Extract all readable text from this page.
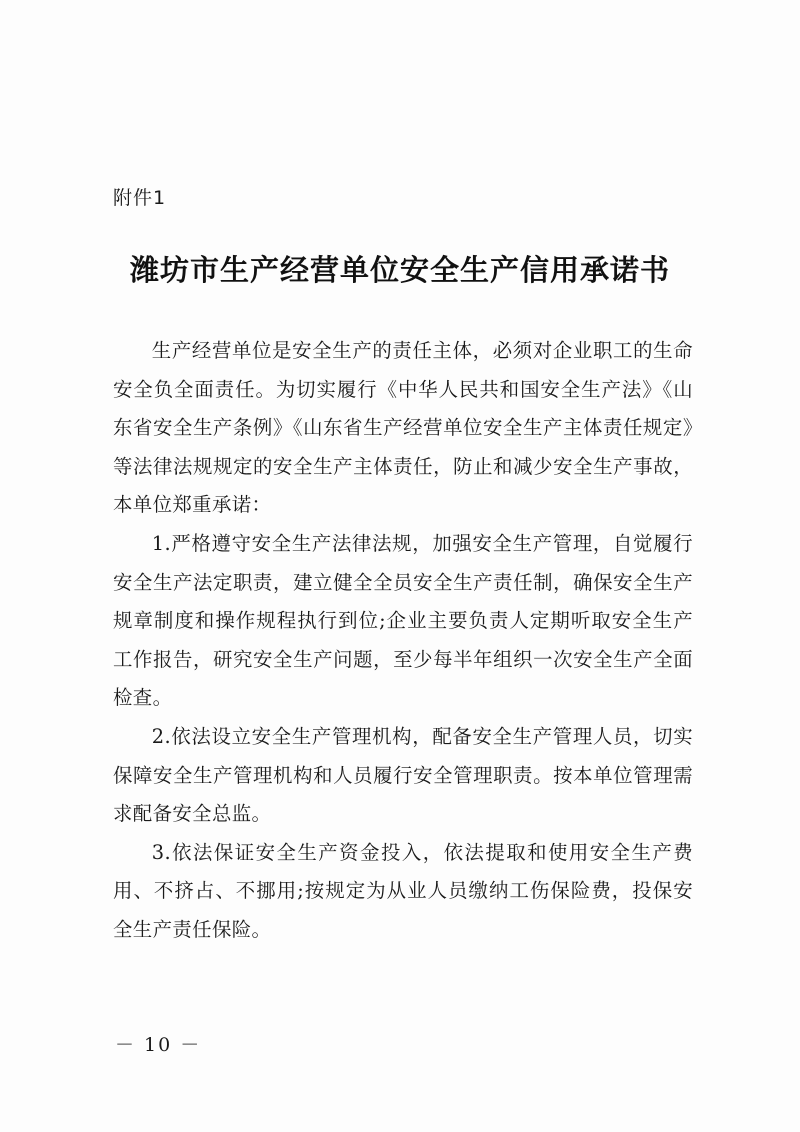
附件1
潍坊市生产经营单位安全生产信用承诺书

生产经营单位是安全生产的责任主体，必须对企业职工的生命安全负全面责任。为切实履行《中华人民共和国安全生产法》《山东省安全生产条例》《山东省生产经营单位安全生产主体责任规定》等法律法规规定的安全生产主体责任，防止和减少安全生产事故，本单位郑重承诺：

1.严格遵守安全生产法律法规，加强安全生产管理，自觉履行安全生产法定职责，建立健全全员安全生产责任制，确保安全生产规章制度和操作规程执行到位;企业主要负责人定期听取安全生产工作报告，研究安全生产问题，至少每半年组织一次安全生产全面检查。

2.依法设立安全生产管理机构，配备安全生产管理人员，切实保障安全生产管理机构和人员履行安全管理职责。按本单位管理需求配备安全总监。

3.依法保证安全生产资金投入，依法提取和使用安全生产费用、不挤占、不挪用;按规定为从业人员缴纳工伤保险费，投保安全生产责任保险。

－ 10 －
